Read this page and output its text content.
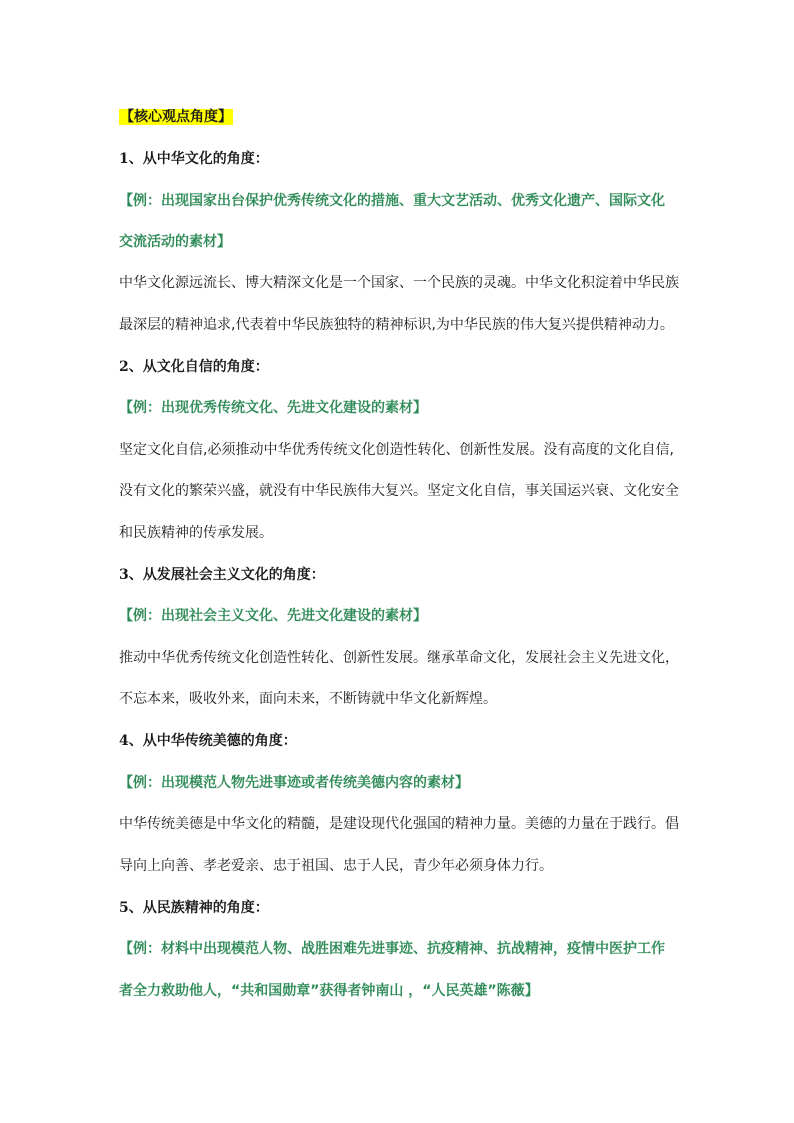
【核心观点角度】
1、从中华文化的角度：
【例：出现国家出台保护优秀传统文化的措施、重大文艺活动、优秀文化遗产、国际文化
交流活动的素材】
中华文化源远流长、博大精深文化是一个国家、一个民族的灵魂。中华文化积淀着中华民族
最深层的精神追求,代表着中华民族独特的精神标识,为中华民族的伟大复兴提供精神动力。
2、从文化自信的角度：
【例：出现优秀传统文化、先进文化建设的素材】
坚定文化自信,必须推动中华优秀传统文化创造性转化、创新性发展。没有高度的文化自信,
没有文化的繁荣兴盛，就没有中华民族伟大复兴。坚定文化自信，事关国运兴衰、文化安全
和民族精神的传承发展。
3、从发展社会主义文化的角度：
【例：出现社会主义文化、先进文化建设的素材】
推动中华优秀传统文化创造性转化、创新性发展。继承革命文化，发展社会主义先进文化，
不忘本来，吸收外来，面向未来，不断铸就中华文化新辉煌。
4、从中华传统美德的角度：
【例：出现模范人物先进事迹或者传统美德内容的素材】
中华传统美德是中华文化的精髓，是建设现代化强国的精神力量。美德的力量在于践行。倡
导向上向善、孝老爱亲、忠于祖国、忠于人民，青少年必须身体力行。
5、从民族精神的角度：
【例：材料中出现模范人物、战胜困难先进事迹、抗疫精神、抗战精神，疫情中医护工作
者全力救助他人，“共和国勋章”获得者钟南山 ，“人民英雄”陈薇】
